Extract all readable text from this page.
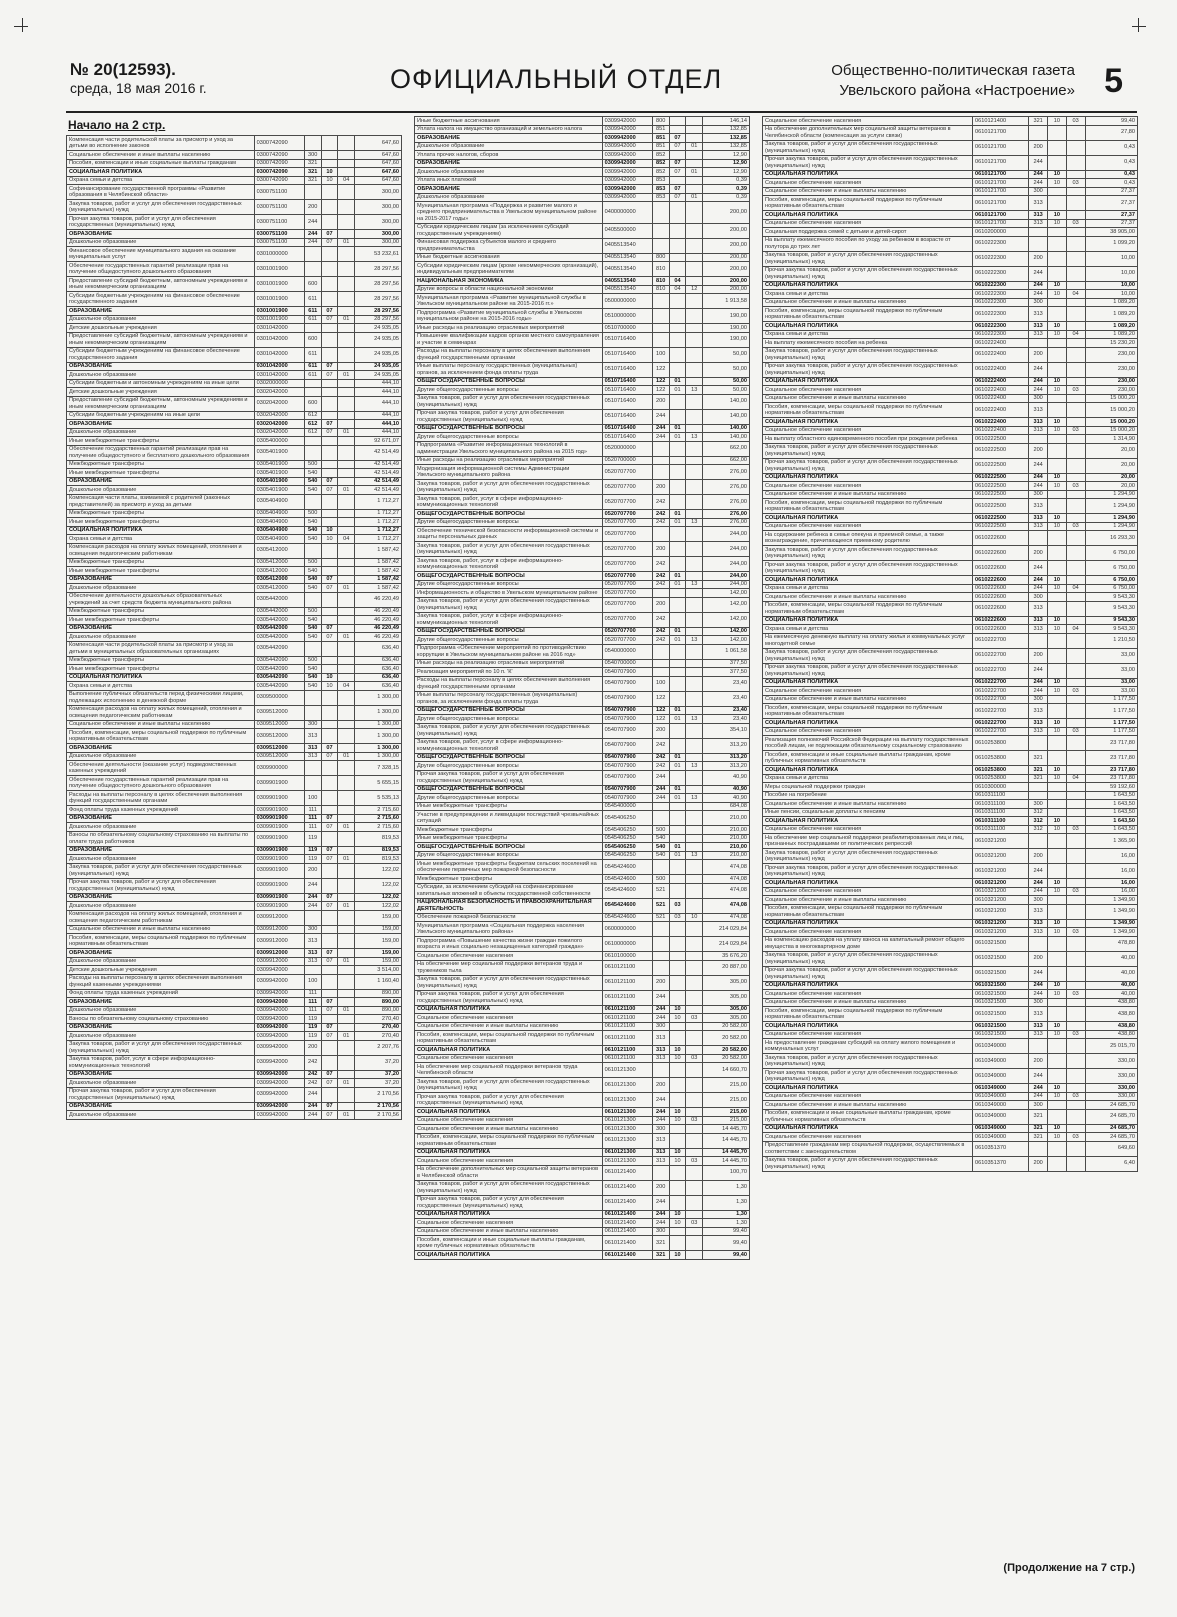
№ 20(12593).
среда, 18 мая 2016 г.	ОФИЦИАЛЬНЫЙ ОТДЕЛ	Общественно-политическая газета
Увельского района «Настроение» 5
Начало на 2 стр.
Компенсация части родительской платы за присмотр и уход за детьми во исполнение законов	0300742090				647,60
Социальное обеспечение и иные выплаты населению	0300742090	300			647,60
Пособия, компенсации и иные социальные выплаты гражданам	0300742090	321			647,60
СОЦИАЛЬНАЯ ПОЛИТИКА	0300742090	321	10		647,60
Охрана семьи и детства	0300742090	321	10	04	647,60
Софинансирование государственной программы «Развитие образования в Челябинской области»	0300751100				300,00
Закупка товаров, работ и услуг для обеспечения государственных (муниципальных) нужд	0300751100	200			300,00
Прочая закупка товаров, работ и услуг для обеспечения государственных (муниципальных) нужд	0300751100	244			300,00
ОБРАЗОВАНИЕ	0300751100	244	07		300,00
Дошкольное образование	0300751100	244	07	01	300,00
Финансовое обеспечение муниципального задания на оказание муниципальных услуг	0301000000				53 232,61
Обеспечение государственных гарантий реализации прав на получение общедоступного дошкольного образования	0301001900				28 297,56
Предоставление субсидий бюджетным, автономным учреждениям и иным некоммерческим организациям	0301001900	600			28 297,56
Субсидии бюджетным учреждениям на финансовое обеспечение государственного задания	0301001900	611			28 297,56
ОБРАЗОВАНИЕ	0301001900	611	07		28 297,56
Дошкольное образование	0301001900	611	07	01	28 297,56
Детские дошкольные учреждения	0301042000				24 935,05
Предоставление субсидий бюджетным, автономным учреждениям и иным некоммерческим организациям	0301042000	600			24 935,05
Субсидии бюджетным учреждениям на финансовое обеспечение государственного задания	0301042000	611			24 935,05
ОБРАЗОВАНИЕ	0301042000	611	07		24 935,05
Дошкольное образование	0301042000	611	07	01	24 935,05
Субсидии бюджетным и автономным учреждениям на иные цели	0302000000				444,10
Детские дошкольные учреждения	0302042000				444,10
Предоставление субсидий бюджетным, автономным учреждениям и иным некоммерческим организациям	0302042000	600			444,10
Субсидии бюджетным учреждениям на иные цели	0302042000	612			444,10
ОБРАЗОВАНИЕ	0302042000	612	07		444,10
Дошкольное образование	0302042000	612	07	01	444,10
Иные межбюджетные трансферты	0305400000				92 671,07
Обеспечение государственных гарантий реализации прав на получение общедоступного и бесплатного дошкольного образования	0305401900				42 514,49
Межбюджетные трансферты	0305401900	500			42 514,49
Иные межбюджетные трансферты	0305401900	540			42 514,49
ОБРАЗОВАНИЕ	0305401900	540	07		42 514,49
Дошкольное образование	0305401900	540	07	01	42 514,49
Компенсация части платы, взимаемой с родителей (законных представителей) за присмотр и уход за детьми	0305404900				1 712,27
Межбюджетные трансферты	0305404900	500			1 712,27
Иные межбюджетные трансферты	0305404900	540			1 712,27
СОЦИАЛЬНАЯ ПОЛИТИКА	0305404900	540	10		1 712,27
Охрана семьи и детства	0305404900	540	10	04	1 712,27
Компенсация расходов на оплату жилых помещений, отопления и освещения педагогическим работникам	0305412000				1 587,42
Межбюджетные трансферты	0305412000	500			1 587,42
Иные межбюджетные трансферты	0305412000	540			1 587,42
ОБРАЗОВАНИЕ	0305412000	540	07		1 587,42
Дошкольное образование	0305412000	540	07	01	1 587,42
Обеспечение деятельности дошкольных образовательных учреждений за счет средств бюджета муниципального района	0305442000				46 220,49
Межбюджетные трансферты	0305442000	500			46 220,49
Иные межбюджетные трансферты	0305442000	540			46 220,49
ОБРАЗОВАНИЕ	0305442000	540	07		46 220,49
Дошкольное образование	0305442000	540	07	01	46 220,49
Компенсация части родительской платы за присмотр и уход за детьми в муниципальных образовательных организациях	0305442090				636,40
Межбюджетные трансферты	0305442090	500			636,40
Иные межбюджетные трансферты	0305442090	540			636,40
СОЦИАЛЬНАЯ ПОЛИТИКА	0305442090	540	10		636,40
Охрана семьи и детства	0305442090	540	10	04	636,40
Выполнение публичных обязательств перед физическими лицами, подлежащих исполнению в денежной форме	0309500000				1 300,00
Компенсация расходов на оплату жилых помещений, отопления и освещения педагогическим работникам	0309512000				1 300,00
Социальное обеспечение и иные выплаты населению	0309512000	300			1 300,00
Пособия, компенсации, меры социальной поддержки по публичным нормативным обязательствам	0309512000	313			1 300,00
ОБРАЗОВАНИЕ	0309512000	313	07		1 300,00
Дошкольное образование	0309512000	313	07	01	1 300,00
Обеспечение деятельности (оказание услуг) подведомственных казенных учреждений	0309900000				7 328,15
Обеспечение государственных гарантий реализации прав на получение общедоступного дошкольного образования	0309901900				5 655,15
Расходы на выплаты персоналу в целях обеспечения выполнения функций государственными органами	0309901900	100			5 535,13
Фонд оплаты труда казенных учреждений	0309901900	111			2 715,60
ОБРАЗОВАНИЕ	0309901900	111	07		2 715,60
Дошкольное образование	0309901900	111	07	01	2 715,60
Взносы по обязательному социальному страхованию на выплаты по оплате труда работников	0309901900	119			819,53
ОБРАЗОВАНИЕ	0309901900	119	07		819,53
Дошкольное образование	0309901900	119	07	01	819,53
Закупка товаров, работ и услуг для обеспечения государственных (муниципальных) нужд	0309901900	200			122,02
Прочая закупка товаров, работ и услуг для обеспечения государственных (муниципальных) нужд	0309901900	244			122,02
ОБРАЗОВАНИЕ	0309901900	244	07		122,02
Дошкольное образование	0309901900	244	07	01	122,02
Компенсация расходов на оплату жилых помещений, отопления и освещения педагогическим работникам	0309912000				159,00
Социальное обеспечение и иные выплаты населению	0309912000	300			159,00
Пособия, компенсации, меры социальной поддержки по публичным нормативным обязательствам	0309912000	313			159,00
ОБРАЗОВАНИЕ	0309912000	313	07		159,00
Дошкольное образование	0309912000	313	07	01	159,00
Детские дошкольные учреждения	0309942000				3 514,00
Расходы на выплаты персоналу в целях обеспечения выполнения функций казенными учреждениями	0309942000	100			1 160,40
Фонд оплаты труда казенных учреждений	0309942000	111			890,00
ОБРАЗОВАНИЕ	0309942000	111	07		890,00
Дошкольное образование	0309942000	111	07	01	890,00
Взносы по обязательному социальному страхованию	0309942000	119			270,40
ОБРАЗОВАНИЕ	0309942000	119	07		270,40
Дошкольное образование	0309942000	119	07	01	270,40
Закупка товаров, работ и услуг для обеспечения государственных (муниципальных) нужд	0309942000	200			2 207,76
Закупка товаров, работ, услуг в сфере информационно-коммуникационных технологий	0309942000	242			37,20
ОБРАЗОВАНИЕ	0309942000	242	07		37,20
Дошкольное образование	0309942000	242	07	01	37,20
Прочая закупка товаров, работ и услуг для обеспечения государственных (муниципальных) нужд	0309942000	244			2 170,56
ОБРАЗОВАНИЕ	0309942000	244	07		2 170,56
Дошкольное образование	0309942000	244	07	01	2 170,56
Иные бюджетные ассигнования	0309942000	800			146,14
Уплата налога на имущество организаций и земельного налога	0309942000	851			132,85
ОБРАЗОВАНИЕ	0309942000	851	07		132,85
Дошкольное образование	0309942000	851	07	01	132,85
Уплата прочих налогов, сборов	0309942000	852			12,90
ОБРАЗОВАНИЕ	0309942000	852	07		12,90
Дошкольное образование	0309942000	852	07	01	12,90
Уплата иных платежей	0309942000	853			0,39
ОБРАЗОВАНИЕ	0309942000	853	07		0,39
Дошкольное образование	0309942000	853	07	01	0,39
Муниципальная программа «Поддержка и развитие малого и среднего предпринимательства в Увельском муниципальном районе на 2015-2017 годы»	0400000000				200,00
Субсидии юридическим лицам (за исключением субсидий государственным учреждениям)	0405500000				200,00
Финансовая поддержка субъектов малого и среднего предпринимательства	0405513540				200,00
Иные бюджетные ассигнования	0405513540	800			200,00
Субсидии юридическим лицам (кроме некоммерческих организаций), индивидуальным предпринимателям	0405513540	810			200,00
НАЦИОНАЛЬНАЯ ЭКОНОМИКА	0405513540	810	04		200,00
Другие вопросы в области национальной экономики	0405513540	810	04	12	200,00
Муниципальная программа «Развитие муниципальной службы в Увельском муниципальном районе на 2015-2016 гг.»	0500000000				1 913,58
Подпрограмма «Развитие муниципальной службы в Увельском муниципальном районе на 2015-2016 годы»	0510000000				190,00
Иные расходы на реализацию отраслевых мероприятий	0510700000				190,00
Повышение квалификации кадров органов местного самоуправления и участие в семинарах	0510716400				190,00
Расходы на выплаты персоналу в целях обеспечения выполнения функций государственными органами	0510716400	100			50,00
Иные выплаты персоналу государственных (муниципальных) органов, за исключением фонда оплаты труда	0510716400	122			50,00
ОБЩЕГОСУДАРСТВЕННЫЕ ВОПРОСЫ	0510716400	122	01		50,00
Другие общегосударственные вопросы	0510716400	122	01	13	50,00
Закупка товаров, работ и услуг для обеспечения государственных (муниципальных) нужд	0510716400	200			140,00
Прочая закупка товаров, работ и услуг для обеспечения государственных (муниципальных) нужд	0510716400	244			140,00
ОБЩЕГОСУДАРСТВЕННЫЕ ВОПРОСЫ	0510716400	244	01		140,00
Другие общегосударственные вопросы	0510716400	244	01	13	140,00
Подпрограмма «Развитие информационных технологий в администрации Увельского муниципального района на 2015 год»	0520000000				662,00
Иные расходы на реализацию отраслевых мероприятий	0520700000				662,00
Модернизация информационной системы Администрации Увельского муниципального района	0520707700				276,00
Закупка товаров, работ и услуг для обеспечения государственных (муниципальных) нужд	0520707700	200			276,00
Закупка товаров, работ, услуг в сфере информационно-коммуникационных технологий	0520707700	242			276,00
ОБЩЕГОСУДАРСТВЕННЫЕ ВОПРОСЫ	0520707700	242	01		276,00
Другие общегосударственные вопросы	0520707700	242	01	13	276,00
Обеспечение технической безопасности информационной системы и защиты персональных данных	0520707700				244,00
Закупка товаров, работ и услуг для обеспечения государственных (муниципальных) нужд	0520707700	200			244,00
Закупка товаров, работ, услуг в сфере информационно-коммуникационных технологий	0520707700	242			244,00
ОБЩЕГОСУДАРСТВЕННЫЕ ВОПРОСЫ	0520707700	242	01		244,00
Другие общегосударственные вопросы	0520707700	242	01	13	244,00
Информационность и общество в Увельском муниципальном районе	0520707700				142,00
Закупка товаров, работ и услуг для обеспечения государственных (муниципальных) нужд	0520707700	200			142,00
Закупка товаров, работ, услуг в сфере информационно-коммуникационных технологий	0520707700	242			142,00
ОБЩЕГОСУДАРСТВЕННЫЕ ВОПРОСЫ	0520707700	242	01		142,00
Другие общегосударственные вопросы	0520707700	242	01	13	142,00
Подпрограмма «Обеспечение мероприятий по противодействию коррупции в Увельском муниципальном районе на 2016 год»	0540000000				1 061,58
Иные расходы на реализацию отраслевых мероприятий	0540700000				377,50
Реализация мероприятий по 10 п. 'К'	0540707900				377,50
Расходы на выплаты персоналу в целях обеспечения выполнения функций государственными органами	0540707900	100			23,40
Иные выплаты персоналу государственных (муниципальных) органов, за исключением фонда оплаты труда	0540707900	122			23,40
ОБЩЕГОСУДАРСТВЕННЫЕ ВОПРОСЫ	0540707900	122	01		23,40
Другие общегосударственные вопросы	0540707900	122	01	13	23,40
Закупка товаров, работ и услуг для обеспечения государственных (муниципальных) нужд	0540707900	200			354,10
Закупка товаров, работ, услуг в сфере информационно-коммуникационных технологий	0540707900	242			313,20
ОБЩЕГОСУДАРСТВЕННЫЕ ВОПРОСЫ	0540707900	242	01		313,20
Другие общегосударственные вопросы	0540707900	242	01	13	313,20
Прочая закупка товаров, работ и услуг для обеспечения государственных (муниципальных) нужд	0540707900	244			40,90
ОБЩЕГОСУДАРСТВЕННЫЕ ВОПРОСЫ	0540707900	244	01		40,90
Другие общегосударственные вопросы	0540707900	244	01	13	40,90
Иные межбюджетные трансферты	0545400000				684,08
Участие в предупреждении и ликвидации последствий чрезвычайных ситуаций	0545406250				210,00
Межбюджетные трансферты	0545406250	500			210,00
Иные межбюджетные трансферты	0545406250	540			210,00
ОБЩЕГОСУДАРСТВЕННЫЕ ВОПРОСЫ	0545406250	540	01		210,00
Другие общегосударственные вопросы	0545406250	540	01	13	210,00
Иные межбюджетные трансферты бюджетам сельских поселений на обеспечение первичных мер пожарной безопасности	0545424600				474,08
Межбюджетные трансферты	0545424600	500			474,08
Субсидии, за исключением субсидий на софинансирование капитальных вложений в объекты государственной собственности	0545424600	521			474,08
НАЦИОНАЛЬНАЯ БЕЗОПАСНОСТЬ И ПРАВООХРАНИТЕЛЬНАЯ ДЕЯТЕЛЬНОСТЬ	0545424600	521	03		474,08
Обеспечение пожарной безопасности	0545424600	521	03	10	474,08
Муниципальная программа «Социальная поддержка населения Увельского муниципального района»	0600000000				214 029,84
Подпрограмма «Повышение качества жизни граждан пожилого возраста и иных социально незащищенных категорий граждан»	0610000000				214 029,84
Социальное обеспечение населения	0610100000				35 676,20
На обеспечение мер социальной поддержки ветеранов труда и тружеников тыла	0610121100				20 887,00
Закупка товаров, работ и услуг для обеспечения государственных (муниципальных) нужд	0610121100	200			305,00
Прочая закупка товаров, работ и услуг для обеспечения государственных (муниципальных) нужд	0610121100	244			305,00
СОЦИАЛЬНАЯ ПОЛИТИКА	0610121100	244	10		305,00
Социальное обеспечение населения	0610121100	244	10	03	305,00
Социальное обеспечение и иные выплаты населению	0610121100	300			20 582,00
Пособия, компенсации, меры социальной поддержки по публичным нормативным обязательствам	0610121100	313			20 582,00
СОЦИАЛЬНАЯ ПОЛИТИКА	0610121100	313	10		20 582,00
Социальное обеспечение населения	0610121100	313	10	03	20 582,00
На обеспечение мер социальной поддержки ветеранов труда Челябинской области	0610121300				14 660,70
Закупка товаров, работ и услуг для обеспечения государственных (муниципальных) нужд	0610121300	200			215,00
Прочая закупка товаров, работ и услуг для обеспечения государственных (муниципальных) нужд	0610121300	244			215,00
СОЦИАЛЬНАЯ ПОЛИТИКА	0610121300	244	10		215,00
Социальное обеспечение населения	0610121300	244	10	03	215,00
Социальное обеспечение и иные выплаты населению	0610121300	300			14 445,70
Пособия, компенсации, меры социальной поддержки по публичным нормативным обязательствам	0610121300	313			14 445,70
СОЦИАЛЬНАЯ ПОЛИТИКА	0610121300	313	10		14 445,70
Социальное обеспечение населения	0610121300	313	10	03	14 445,70
На обеспечение дополнительных мер социальной защиты ветеранов в Челябинской области	0610121400				100,70
Закупка товаров, работ и услуг для обеспечения государственных (муниципальных) нужд	0610121400	200			1,30
Прочая закупка товаров, работ и услуг для обеспечения государственных (муниципальных) нужд	0610121400	244			1,30
СОЦИАЛЬНАЯ ПОЛИТИКА	0610121400	244	10		1,30
Социальное обеспечение населения	0610121400	244	10	03	1,30
Социальное обеспечение и иные выплаты населению	0610121400	300			99,40
Пособия, компенсации и иные социальные выплаты гражданам, кроме публичных нормативных обязательств	0610121400	321			99,40
СОЦИАЛЬНАЯ ПОЛИТИКА	0610121400	321	10		99,40
Социальное обеспечение населения	0610121400	321	10	03	99,40
На обеспечение дополнительных мер социальной защиты ветеранов в Челябинской области (компенсация за услуги связи)	0610121700				27,80
Закупка товаров, работ и услуг для обеспечения государственных (муниципальных) нужд	0610121700	200			0,43
Прочая закупка товаров, работ и услуг для обеспечения государственных (муниципальных) нужд	0610121700	244			0,43
СОЦИАЛЬНАЯ ПОЛИТИКА	0610121700	244	10		0,43
Социальное обеспечение населения	0610121700	244	10	03	0,43
Социальное обеспечение и иные выплаты населению	0610121700	300			27,37
Пособия, компенсации, меры социальной поддержки по публичным нормативным обязательствам	0610121700	313			27,37
СОЦИАЛЬНАЯ ПОЛИТИКА	0610121700	313	10		27,37
Социальное обеспечение населения	0610121700	313	10	03	27,37
Социальная поддержка семей с детьми и детей-сирот	0610200000				38 905,00
На выплату ежемесячного пособия по уходу за ребенком в возрасте от полутора до трех лет	0610222300				1 099,20
Закупка товаров, работ и услуг для обеспечения государственных (муниципальных) нужд	0610222300	200			10,00
Прочая закупка товаров, работ и услуг для обеспечения государственных (муниципальных) нужд	0610222300	244			10,00
СОЦИАЛЬНАЯ ПОЛИТИКА	0610222300	244	10		10,00
Охрана семьи и детства	0610222300	244	10	04	10,00
Социальное обеспечение и иные выплаты населению	0610222300	300			1 089,20
Пособия, компенсации, меры социальной поддержки по публичным нормативным обязательствам	0610222300	313			1 089,20
СОЦИАЛЬНАЯ ПОЛИТИКА	0610222300	313	10		1 089,20
Охрана семьи и детства	0610222300	313	10	04	1 089,20
На выплату ежемесячного пособия на ребенка	0610222400				15 230,20
Закупка товаров, работ и услуг для обеспечения государственных (муниципальных) нужд	0610222400	200			230,00
Прочая закупка товаров, работ и услуг для обеспечения государственных (муниципальных) нужд	0610222400	244			230,00
СОЦИАЛЬНАЯ ПОЛИТИКА	0610222400	244	10		230,00
Социальное обеспечение населения	0610222400	244	10	03	230,00
Социальное обеспечение и иные выплаты населению	0610222400	300			15 000,20
Пособия, компенсации, меры социальной поддержки по публичным нормативным обязательствам	0610222400	313			15 000,20
СОЦИАЛЬНАЯ ПОЛИТИКА	0610222400	313	10		15 000,20
Социальное обеспечение населения	0610222400	313	10	03	15 000,20
На выплату областного единовременного пособия при рождении ребенка	0610222500				1 314,90
Закупка товаров, работ и услуг для обеспечения государственных (муниципальных) нужд	0610222500	200			20,00
Прочая закупка товаров, работ и услуг для обеспечения государственных (муниципальных) нужд	0610222500	244			20,00
СОЦИАЛЬНАЯ ПОЛИТИКА	0610222500	244	10		20,00
Социальное обеспечение населения	0610222500	244	10	03	20,00
Социальное обеспечение и иные выплаты населению	0610222500	300			1 294,90
Пособия, компенсации, меры социальной поддержки по публичным нормативным обязательствам	0610222500	313			1 294,90
СОЦИАЛЬНАЯ ПОЛИТИКА	0610222500	313	10		1 294,90
Социальное обеспечение населения	0610222500	313	10	03	1 294,90
На содержание ребенка в семье опекуна и приемной семье, а также вознаграждение, причитающееся приемному родителю	0610222600				16 293,30
Закупка товаров, работ и услуг для обеспечения государственных (муниципальных) нужд	0610222600	200			6 750,00
Прочая закупка товаров, работ и услуг для обеспечения государственных (муниципальных) нужд	0610222600	244			6 750,00
СОЦИАЛЬНАЯ ПОЛИТИКА	0610222600	244	10		6 750,00
Охрана семьи и детства	0610222600	244	10	04	6 750,00
Социальное обеспечение и иные выплаты населению	0610222600	300			9 543,30
Пособия, компенсации, меры социальной поддержки по публичным нормативным обязательствам	0610222600	313			9 543,30
СОЦИАЛЬНАЯ ПОЛИТИКА	0610222600	313	10		9 543,30
Охрана семьи и детства	0610222600	313	10	04	9 543,30
На ежемесячную денежную выплату на оплату жилья и коммунальных услуг многодетной семье	0610222700				1 210,50
Закупка товаров, работ и услуг для обеспечения государственных (муниципальных) нужд	0610222700	200			33,00
Прочая закупка товаров, работ и услуг для обеспечения государственных (муниципальных) нужд	0610222700	244			33,00
СОЦИАЛЬНАЯ ПОЛИТИКА	0610222700	244	10		33,00
Социальное обеспечение населения	0610222700	244	10	03	33,00
Социальное обеспечение и иные выплаты населению	0610222700	300			1 177,50
Пособия, компенсации, меры социальной поддержки по публичным нормативным обязательствам	0610222700	313			1 177,50
СОЦИАЛЬНАЯ ПОЛИТИКА	0610222700	313	10		1 177,50
Социальное обеспечение населения	0610222700	313	10	03	1 177,50
Реализация полномочий Российской Федерации на выплату государственных пособий лицам, не подлежащим обязательному социальному страхованию	0610253800				23 717,80
Пособия, компенсации и иные социальные выплаты гражданам, кроме публичных нормативных обязательств	0610253800	321			23 717,80
СОЦИАЛЬНАЯ ПОЛИТИКА	0610253800	321	10		23 717,80
Охрана семьи и детства	0610253800	321	10	04	23 717,80
Меры социальной поддержки граждан	0610300000				59 192,60
Пособие на погребение	0610311100				1 643,50
Социальное обеспечение и иные выплаты населению	0610311100	300			1 643,50
Иные пенсии, социальные доплаты к пенсиям	0610311100	312			1 643,50
СОЦИАЛЬНАЯ ПОЛИТИКА	0610311100	312	10		1 643,50
Социальное обеспечение населения	0610311100	312	10	03	1 643,50
На обеспечение мер социальной поддержки реабилитированных лиц и лиц, признанных пострадавшими от политических репрессий	0610321200				1 365,90
Закупка товаров, работ и услуг для обеспечения государственных (муниципальных) нужд	0610321200	200			16,00
Прочая закупка товаров, работ и услуг для обеспечения государственных (муниципальных) нужд	0610321200	244			16,00
СОЦИАЛЬНАЯ ПОЛИТИКА	0610321200	244	10		16,00
Социальное обеспечение населения	0610321200	244	10	03	16,00
Социальное обеспечение и иные выплаты населению	0610321200	300			1 349,90
Пособия, компенсации, меры социальной поддержки по публичным нормативным обязательствам	0610321200	313			1 349,90
СОЦИАЛЬНАЯ ПОЛИТИКА	0610321200	313	10		1 349,90
Социальное обеспечение населения	0610321200	313	10	03	1 349,90
На компенсацию расходов на уплату взноса на капитальный ремонт общего имущества в многоквартирном доме	0610321500				478,80
Закупка товаров, работ и услуг для обеспечения государственных (муниципальных) нужд	0610321500	200			40,00
Прочая закупка товаров, работ и услуг для обеспечения государственных (муниципальных) нужд	0610321500	244			40,00
СОЦИАЛЬНАЯ ПОЛИТИКА	0610321500	244	10		40,00
Социальное обеспечение населения	0610321500	244	10	03	40,00
Социальное обеспечение и иные выплаты населению	0610321500	300			438,80
Пособия, компенсации, меры социальной поддержки по публичным нормативным обязательствам	0610321500	313			438,80
СОЦИАЛЬНАЯ ПОЛИТИКА	0610321500	313	10		438,80
Социальное обеспечение населения	0610321500	313	10	03	438,80
На предоставление гражданам субсидий на оплату жилого помещения и коммунальных услуг	0610349000				25 015,70
Закупка товаров, работ и услуг для обеспечения государственных (муниципальных) нужд	0610349000	200			330,00
Прочая закупка товаров, работ и услуг для обеспечения государственных (муниципальных) нужд	0610349000	244			330,00
СОЦИАЛЬНАЯ ПОЛИТИКА	0610349000	244	10		330,00
Социальное обеспечение населения	0610349000	244	10	03	330,00
Социальное обеспечение и иные выплаты населению	0610349000	300			24 685,70
Пособия, компенсации и иные социальные выплаты гражданам, кроме публичных нормативных обязательств	0610349000	321			24 685,70
СОЦИАЛЬНАЯ ПОЛИТИКА	0610349000	321	10		24 685,70
Социальное обеспечение населения	0610349000	321	10	03	24 685,70
Предоставление гражданам мер социальной поддержки, осуществляемых в соответствии с законодательством	0610351370				649,60
Закупка товаров, работ и услуг для обеспечения государственных (муниципальных) нужд	0610351370	200			6,40
(Продолжение на 7 стр.)
